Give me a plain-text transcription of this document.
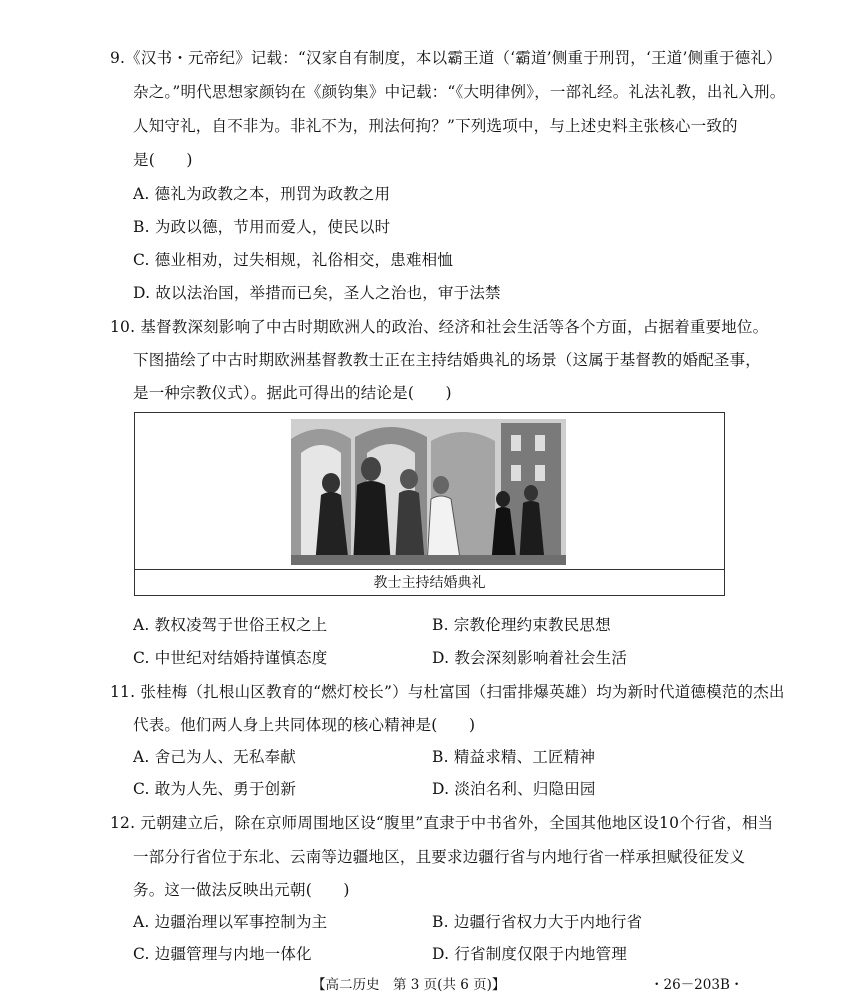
9.《汉书・元帝纪》记载：“汉家自有制度，本以霸王道（‘霸道’侧重于刑罚，‘王道’侧重于德礼）
杂之。”明代思想家颜钧在《颜钧集》中记载：“《大明律例》，一部礼经。礼法礼教，出礼入刑。
人知守礼，自不非为。非礼不为，刑法何拘？”下列选项中，与上述史料主张核心一致的
是(　　)
A. 德礼为政教之本，刑罚为政教之用
B. 为政以德，节用而爱人，使民以时
C. 德业相劝，过失相规，礼俗相交，患难相恤
D. 故以法治国，举措而已矣，圣人之治也，审于法禁
10. 基督教深刻影响了中古时期欧洲人的政治、经济和社会生活等各个方面，占据着重要地位。
下图描绘了中古时期欧洲基督教教士正在主持结婚典礼的场景（这属于基督教的婚配圣事，
是一种宗教仪式）。据此可得出的结论是(　　)
教士主持结婚典礼
A. 教权凌驾于世俗王权之上	B. 宗教伦理约束教民思想
C. 中世纪对结婚持谨慎态度	D. 教会深刻影响着社会生活
11. 张桂梅（扎根山区教育的“燃灯校长”）与杜富国（扫雷排爆英雄）均为新时代道德模范的杰出
代表。他们两人身上共同体现的核心精神是(　　)
A. 舍己为人、无私奉献	B. 精益求精、工匠精神
C. 敢为人先、勇于创新	D. 淡泊名利、归隐田园
12. 元朝建立后，除在京师周围地区设“腹里”直隶于中书省外，全国其他地区设10个行省，相当
一部分行省位于东北、云南等边疆地区，且要求边疆行省与内地行省一样承担赋役征发义
务。这一做法反映出元朝(　　)
A. 边疆治理以军事控制为主	B. 边疆行省权力大于内地行省
C. 边疆管理与内地一体化	D. 行省制度仅限于内地管理
【高二历史　第 3 页(共 6 页)】	・26－203B・
